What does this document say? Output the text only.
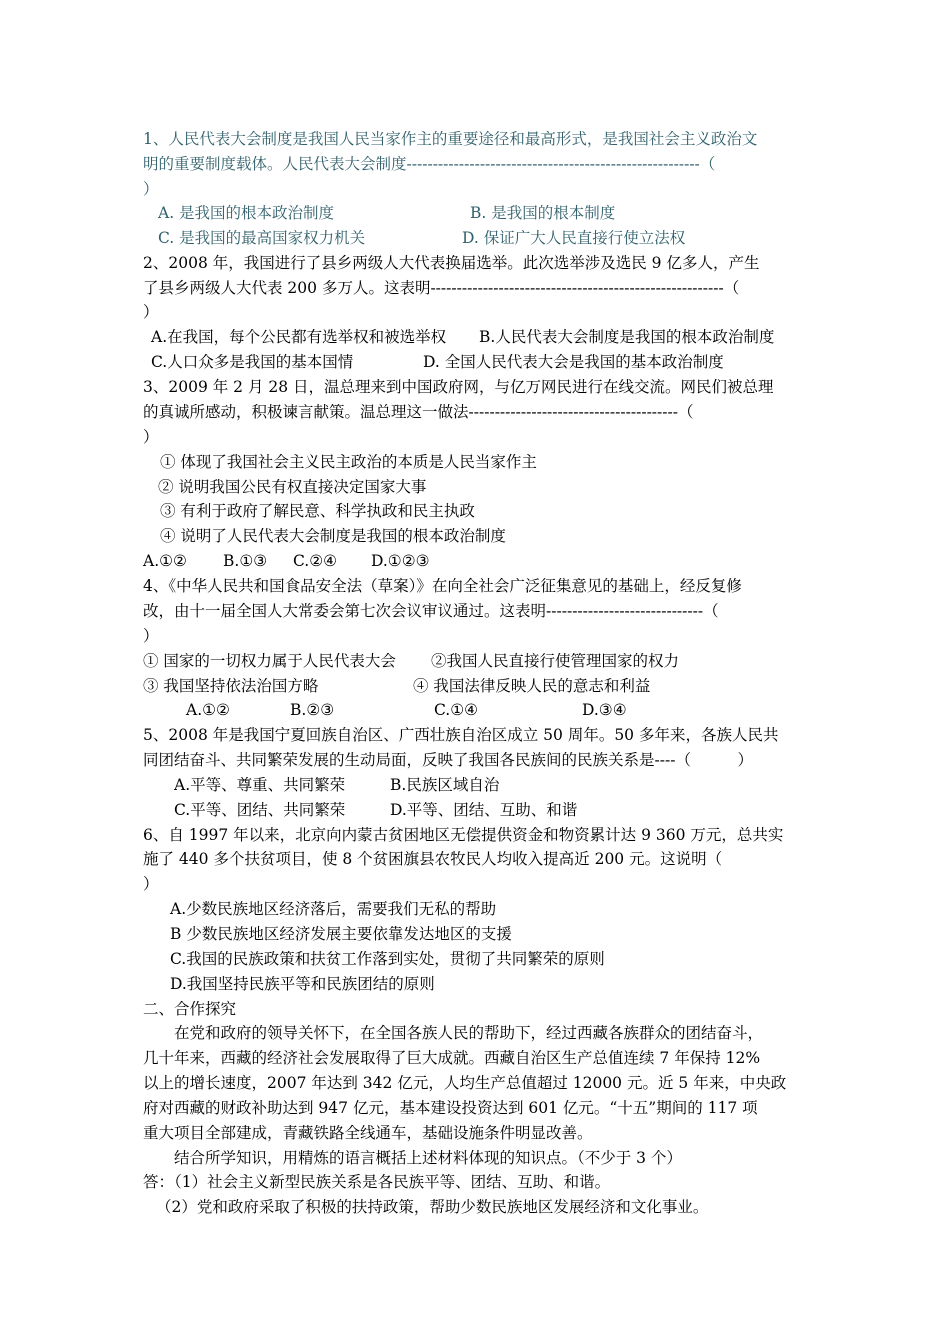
1、人民代表大会制度是我国人民当家作主的重要途径和最高形式，是我国社会主义政治文
明的重要制度载体。人民代表大会制度--------------------------------------------------------（
）
A. 是我国的根本政治制度	B. 是我国的根本制度
C. 是我国的最高国家权力机关	D. 保证广大人民直接行使立法权
2、2008 年，我国进行了县乡两级人大代表换届选举。此次选举涉及选民 9 亿多人，产生
了县乡两级人大代表 200 多万人。这表明--------------------------------------------------------（
）
A.在我国，每个公民都有选举权和被选举权 B.人民代表大会制度是我国的根本政治制度
C.人口众多是我国的基本国情	D. 全国人民代表大会是我国的基本政治制度
3、2009 年 2 月 28 日，温总理来到中国政府网，与亿万网民进行在线交流。网民们被总理
的真诚所感动，积极谏言献策。温总理这一做法----------------------------------------（
）
① 体现了我国社会主义民主政治的本质是人民当家作主
② 说明我国公民有权直接决定国家大事
③ 有利于政府了解民意、科学执政和民主执政
④ 说明了人民代表大会制度是我国的根本政治制度
A.①② B.①③ C.②④ D.①②③
4、《中华人民共和国食品安全法（草案）》在向全社会广泛征集意见的基础上，经反复修
改，由十一届全国人大常委会第七次会议审议通过。这表明------------------------------（
）
① 国家的一切权力属于人民代表大会 ②我国人民直接行使管理国家的权力
③ 我国坚持依法治国方略	④ 我国法律反映人民的意志和利益
A.①②	B.②③	C.①④	D.③④
5、2008 年是我国宁夏回族自治区、广西壮族自治区成立 50 周年。50 多年来，各族人民共
同团结奋斗、共同繁荣发展的生动局面，反映了我国各民族间的民族关系是----（　　　）
A.平等、尊重、共同繁荣	B.民族区域自治
C.平等、团结、共同繁荣	D.平等、团结、互助、和谐
6、自 1997 年以来，北京向内蒙古贫困地区无偿提供资金和物资累计达 9 360 万元，总共实
施了 440 多个扶贫项目，使 8 个贫困旗县农牧民人均收入提高近 200 元。这说明（
）
A.少数民族地区经济落后，需要我们无私的帮助
B 少数民族地区经济发展主要依靠发达地区的支援
C.我国的民族政策和扶贫工作落到实处，贯彻了共同繁荣的原则
D.我国坚持民族平等和民族团结的原则
二、合作探究
在党和政府的领导关怀下，在全国各族人民的帮助下，经过西藏各族群众的团结奋斗，
几十年来，西藏的经济社会发展取得了巨大成就。西藏自治区生产总值连续 7 年保持 12%
以上的增长速度，2007 年达到 342 亿元，人均生产总值超过 12000 元。近 5 年来，中央政
府对西藏的财政补助达到 947 亿元，基本建设投资达到 601 亿元。“十五”期间的 117 项
重大项目全部建成，青藏铁路全线通车，基础设施条件明显改善。
结合所学知识，用精炼的语言概括上述材料体现的知识点。（不少于 3 个）
答：（1）社会主义新型民族关系是各民族平等、团结、互助、和谐。
（2）党和政府采取了积极的扶持政策，帮助少数民族地区发展经济和文化事业。
